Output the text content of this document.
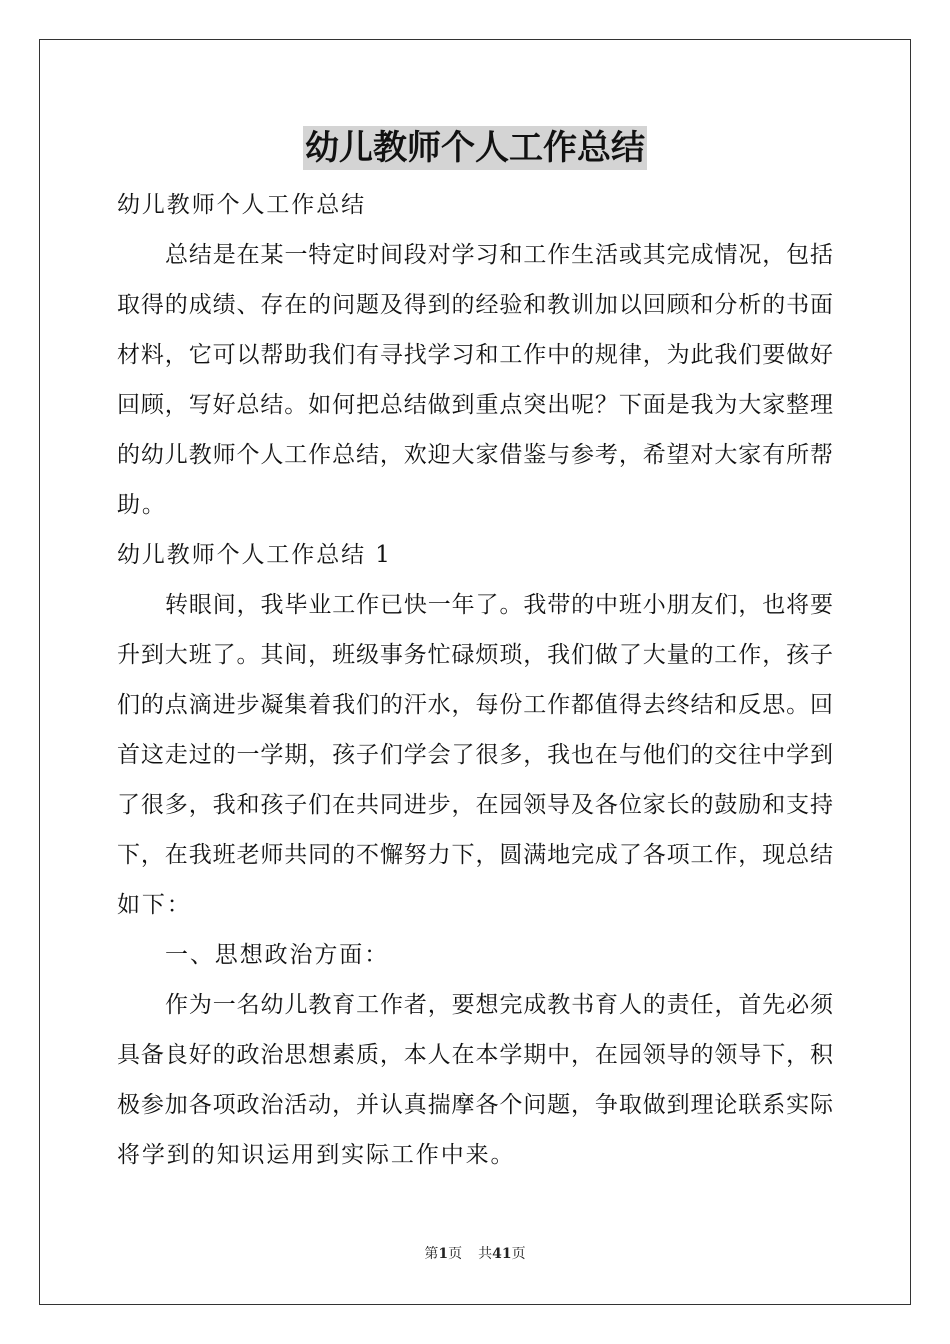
幼儿教师个人工作总结
幼儿教师个人工作总结
总结是在某一特定时间段对学习和工作生活或其完成情况，包括
取得的成绩、存在的问题及得到的经验和教训加以回顾和分析的书面
材料，它可以帮助我们有寻找学习和工作中的规律，为此我们要做好
回顾，写好总结。如何把总结做到重点突出呢？下面是我为大家整理
的幼儿教师个人工作总结，欢迎大家借鉴与参考，希望对大家有所帮
助。
幼儿教师个人工作总结 1
转眼间，我毕业工作已快一年了。我带的中班小朋友们，也将要
升到大班了。其间，班级事务忙碌烦琐，我们做了大量的工作，孩子
们的点滴进步凝集着我们的汗水，每份工作都值得去终结和反思。回
首这走过的一学期，孩子们学会了很多，我也在与他们的交往中学到
了很多，我和孩子们在共同进步，在园领导及各位家长的鼓励和支持
下，在我班老师共同的不懈努力下，圆满地完成了各项工作，现总结
如下：
一、思想政治方面：
作为一名幼儿教育工作者，要想完成教书育人的责任，首先必须
具备良好的政治思想素质，本人在本学期中，在园领导的领导下，积
极参加各项政治活动，并认真揣摩各个问题，争取做到理论联系实际
将学到的知识运用到实际工作中来。
第1页 共41页
